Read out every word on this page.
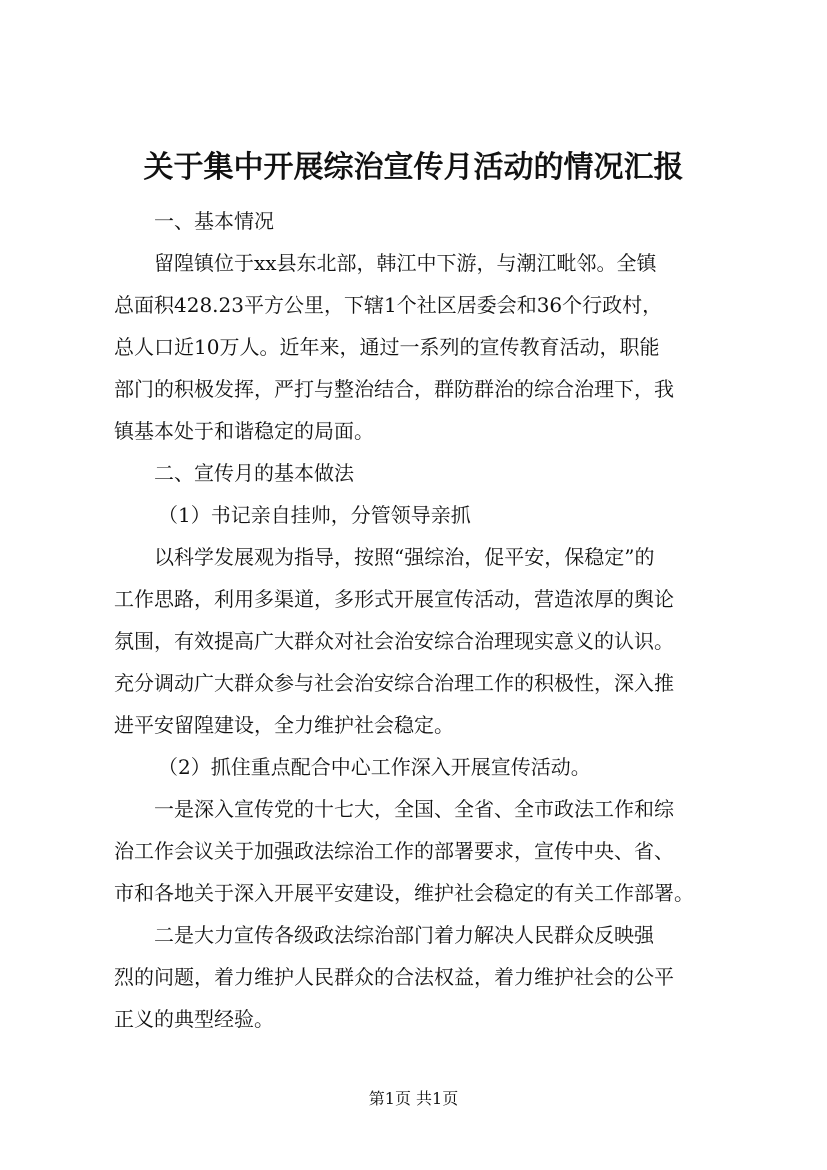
关于集中开展综治宣传月活动的情况汇报
一、基本情况
留隍镇位于xx县东北部，韩江中下游，与潮江毗邻。全镇
总面积428.23平方公里，下辖1个社区居委会和36个行政村，
总人口近10万人。近年来，通过一系列的宣传教育活动，职能
部门的积极发挥，严打与整治结合，群防群治的综合治理下，我
镇基本处于和谐稳定的局面。
二、宣传月的基本做法
（1）书记亲自挂帅，分管领导亲抓
以科学发展观为指导，按照“强综治，促平安，保稳定”的
工作思路，利用多渠道，多形式开展宣传活动，营造浓厚的舆论
氛围，有效提高广大群众对社会治安综合治理现实意义的认识。
充分调动广大群众参与社会治安综合治理工作的积极性，深入推
进平安留隍建设，全力维护社会稳定。
（2）抓住重点配合中心工作深入开展宣传活动。
一是深入宣传党的十七大，全国、全省、全市政法工作和综
治工作会议关于加强政法综治工作的部署要求，宣传中央、省、
市和各地关于深入开展平安建设，维护社会稳定的有关工作部署。
二是大力宣传各级政法综治部门着力解决人民群众反映强
烈的问题，着力维护人民群众的合法权益，着力维护社会的公平
正义的典型经验。
第1页 共1页
